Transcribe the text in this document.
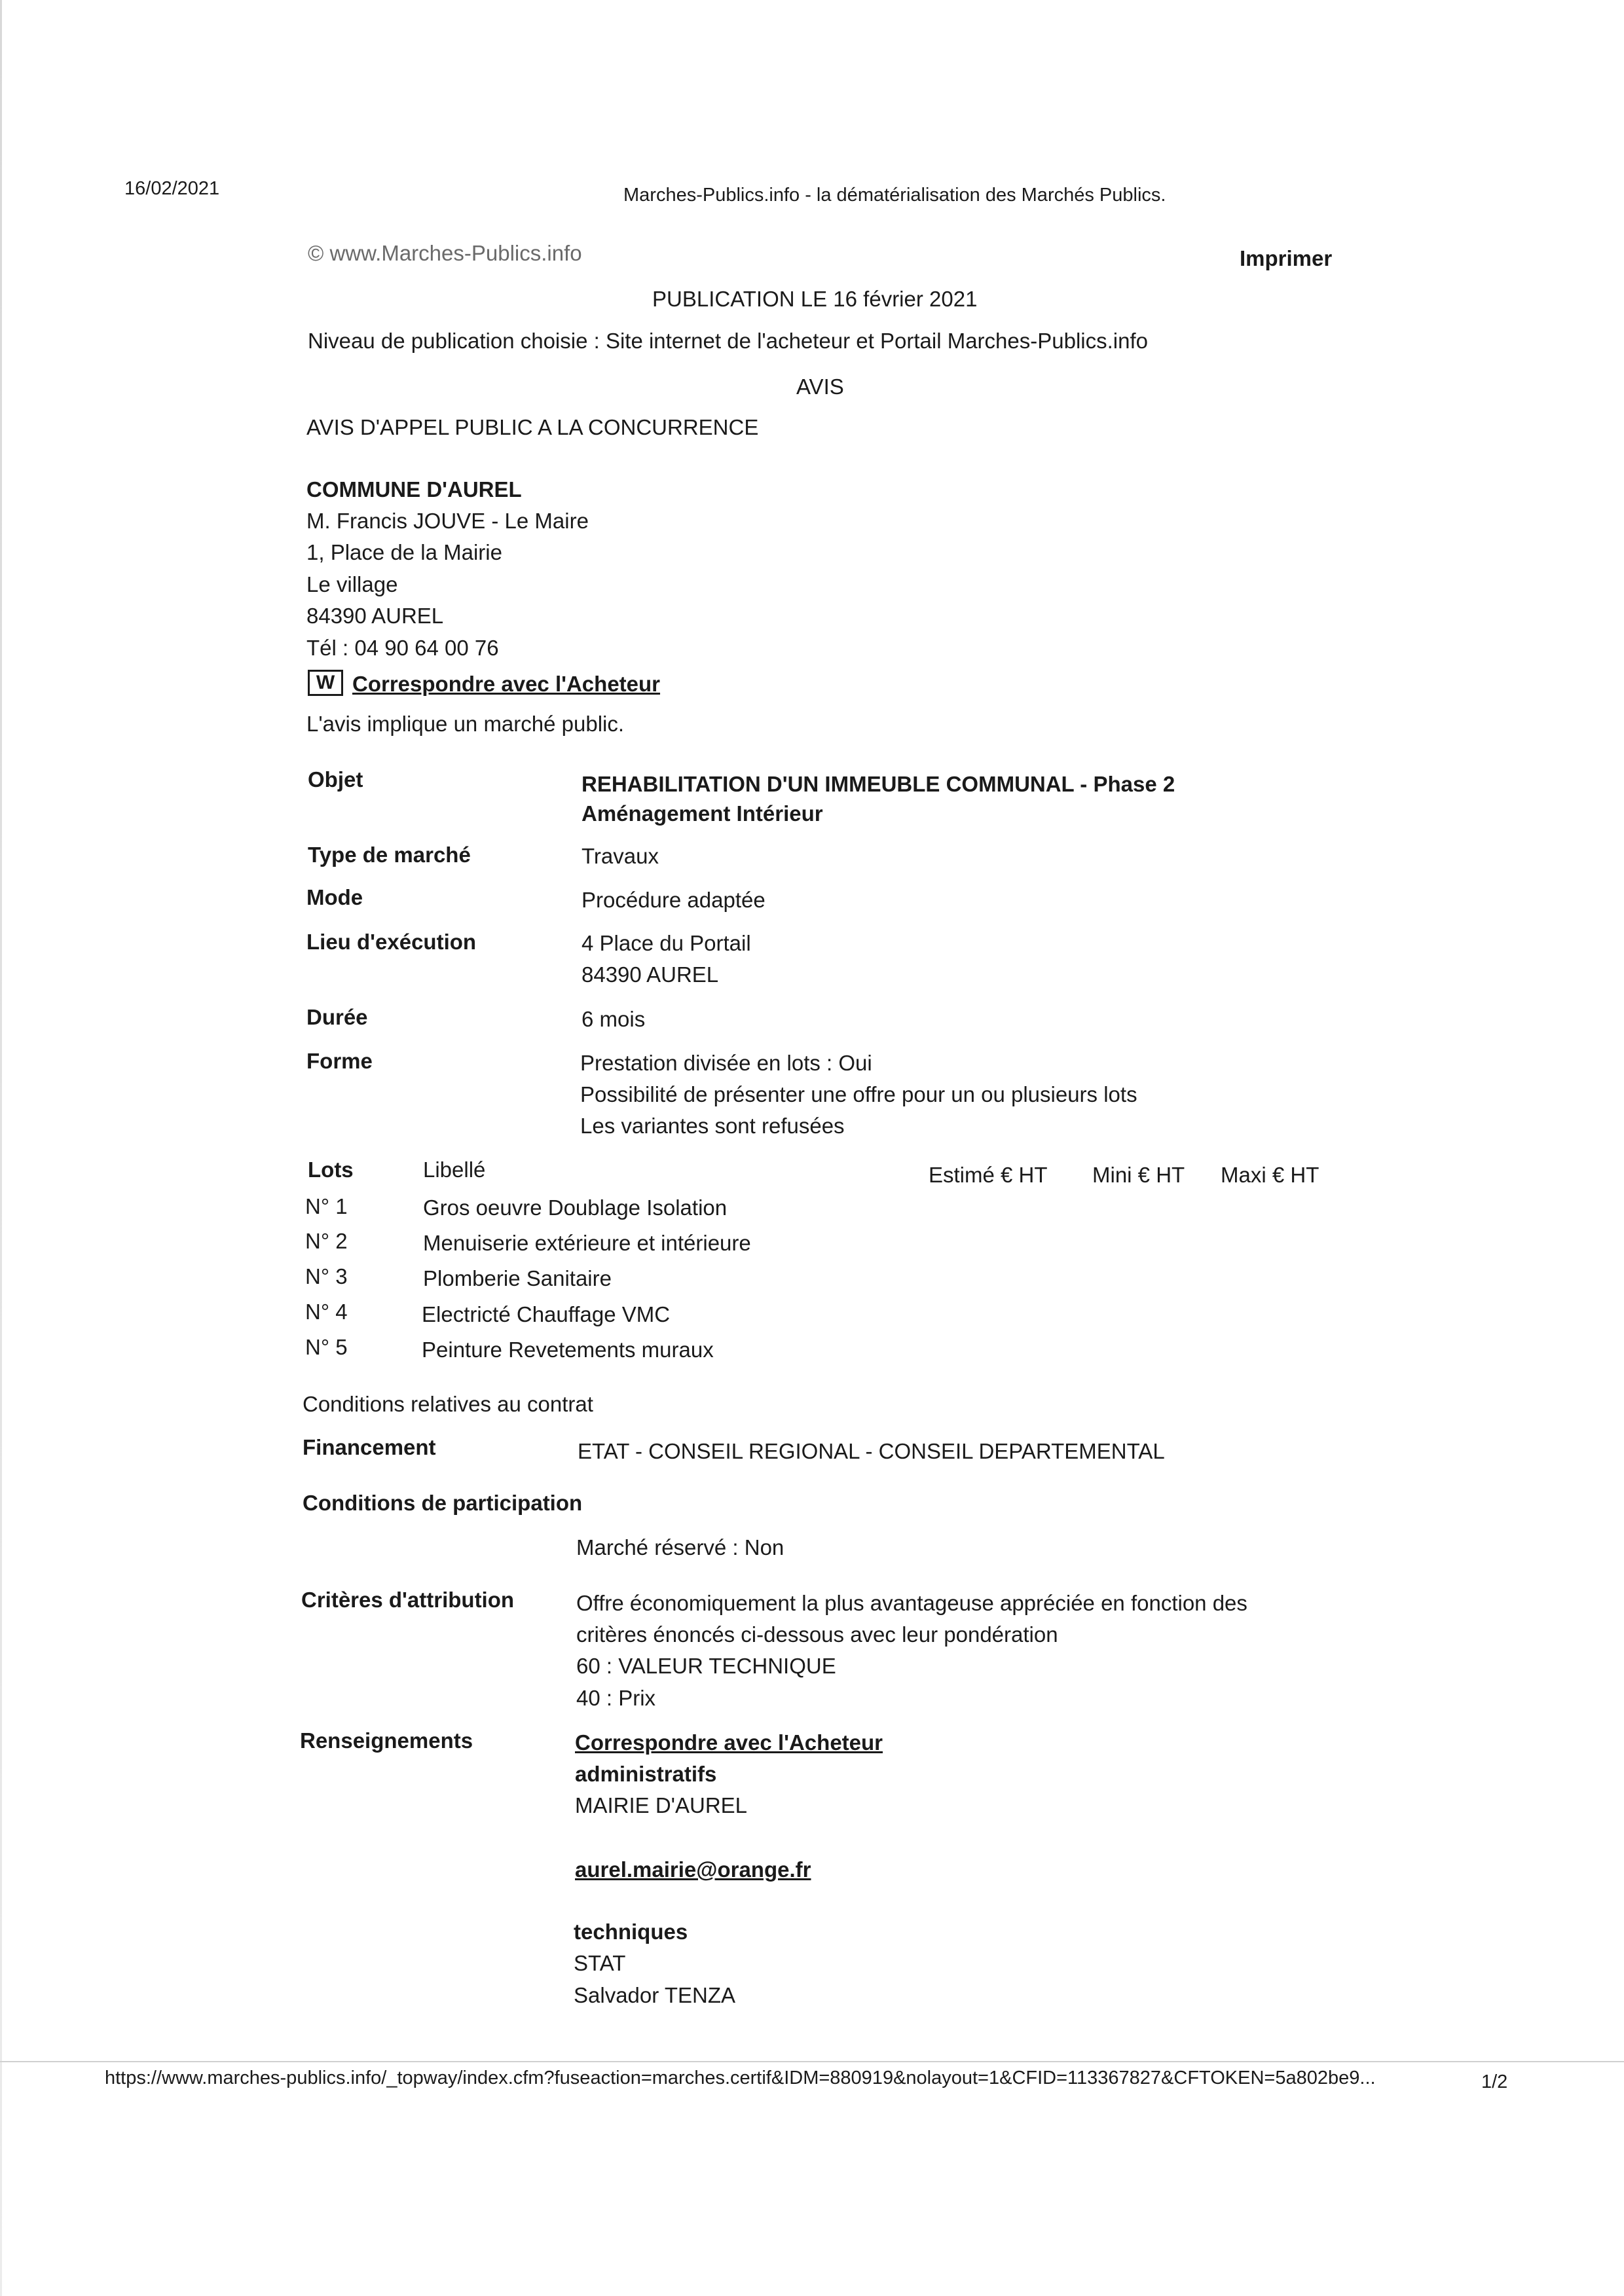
16/02/2021	Marches-Publics.info - la dématérialisation des Marchés Publics.
© www.Marches-Publics.info	Imprimer
PUBLICATION LE 16 février 2021
Niveau de publication choisie : Site internet de l'acheteur et Portail Marches-Publics.info
AVIS
AVIS D'APPEL PUBLIC A LA CONCURRENCE
COMMUNE D'AUREL
M. Francis JOUVE - Le Maire
1, Place de la Mairie
Le village
84390 AUREL
Tél : 04 90 64 00 76
W Correspondre avec l'Acheteur
L'avis implique un marché public.
Objet	REHABILITATION D'UN IMMEUBLE COMMUNAL - Phase 2
Aménagement Intérieur
Type de marché	Travaux
Mode	Procédure adaptée
Lieu d'exécution	4 Place du Portail
84390 AUREL
Durée	6 mois
Forme	Prestation divisée en lots : Oui
Possibilité de présenter une offre pour un ou plusieurs lots
Les variantes sont refusées
Lots	Libellé	Estimé € HT Mini € HT Maxi € HT
N° 1	Gros oeuvre Doublage Isolation
N° 2	Menuiserie extérieure et intérieure
N° 3	Plomberie Sanitaire
N° 4	Electricté Chauffage VMC
N° 5	Peinture Revetements muraux
Conditions relatives au contrat
Financement	ETAT - CONSEIL REGIONAL - CONSEIL DEPARTEMENTAL
Conditions de participation
Marché réservé : Non
Critères d'attribution	Offre économiquement la plus avantageuse appréciée en fonction des
critères énoncés ci-dessous avec leur pondération
60 : VALEUR TECHNIQUE
40 : Prix
Renseignements	Correspondre avec l'Acheteur
administratifs
MAIRIE D'AUREL
aurel.mairie@orange.fr
techniques
STAT
Salvador TENZA
https://www.marches-publics.info/_topway/index.cfm?fuseaction=marches.certif&IDM=880919&nolayout=1&CFID=113367827&CFTOKEN=5a802be9...	1/2
